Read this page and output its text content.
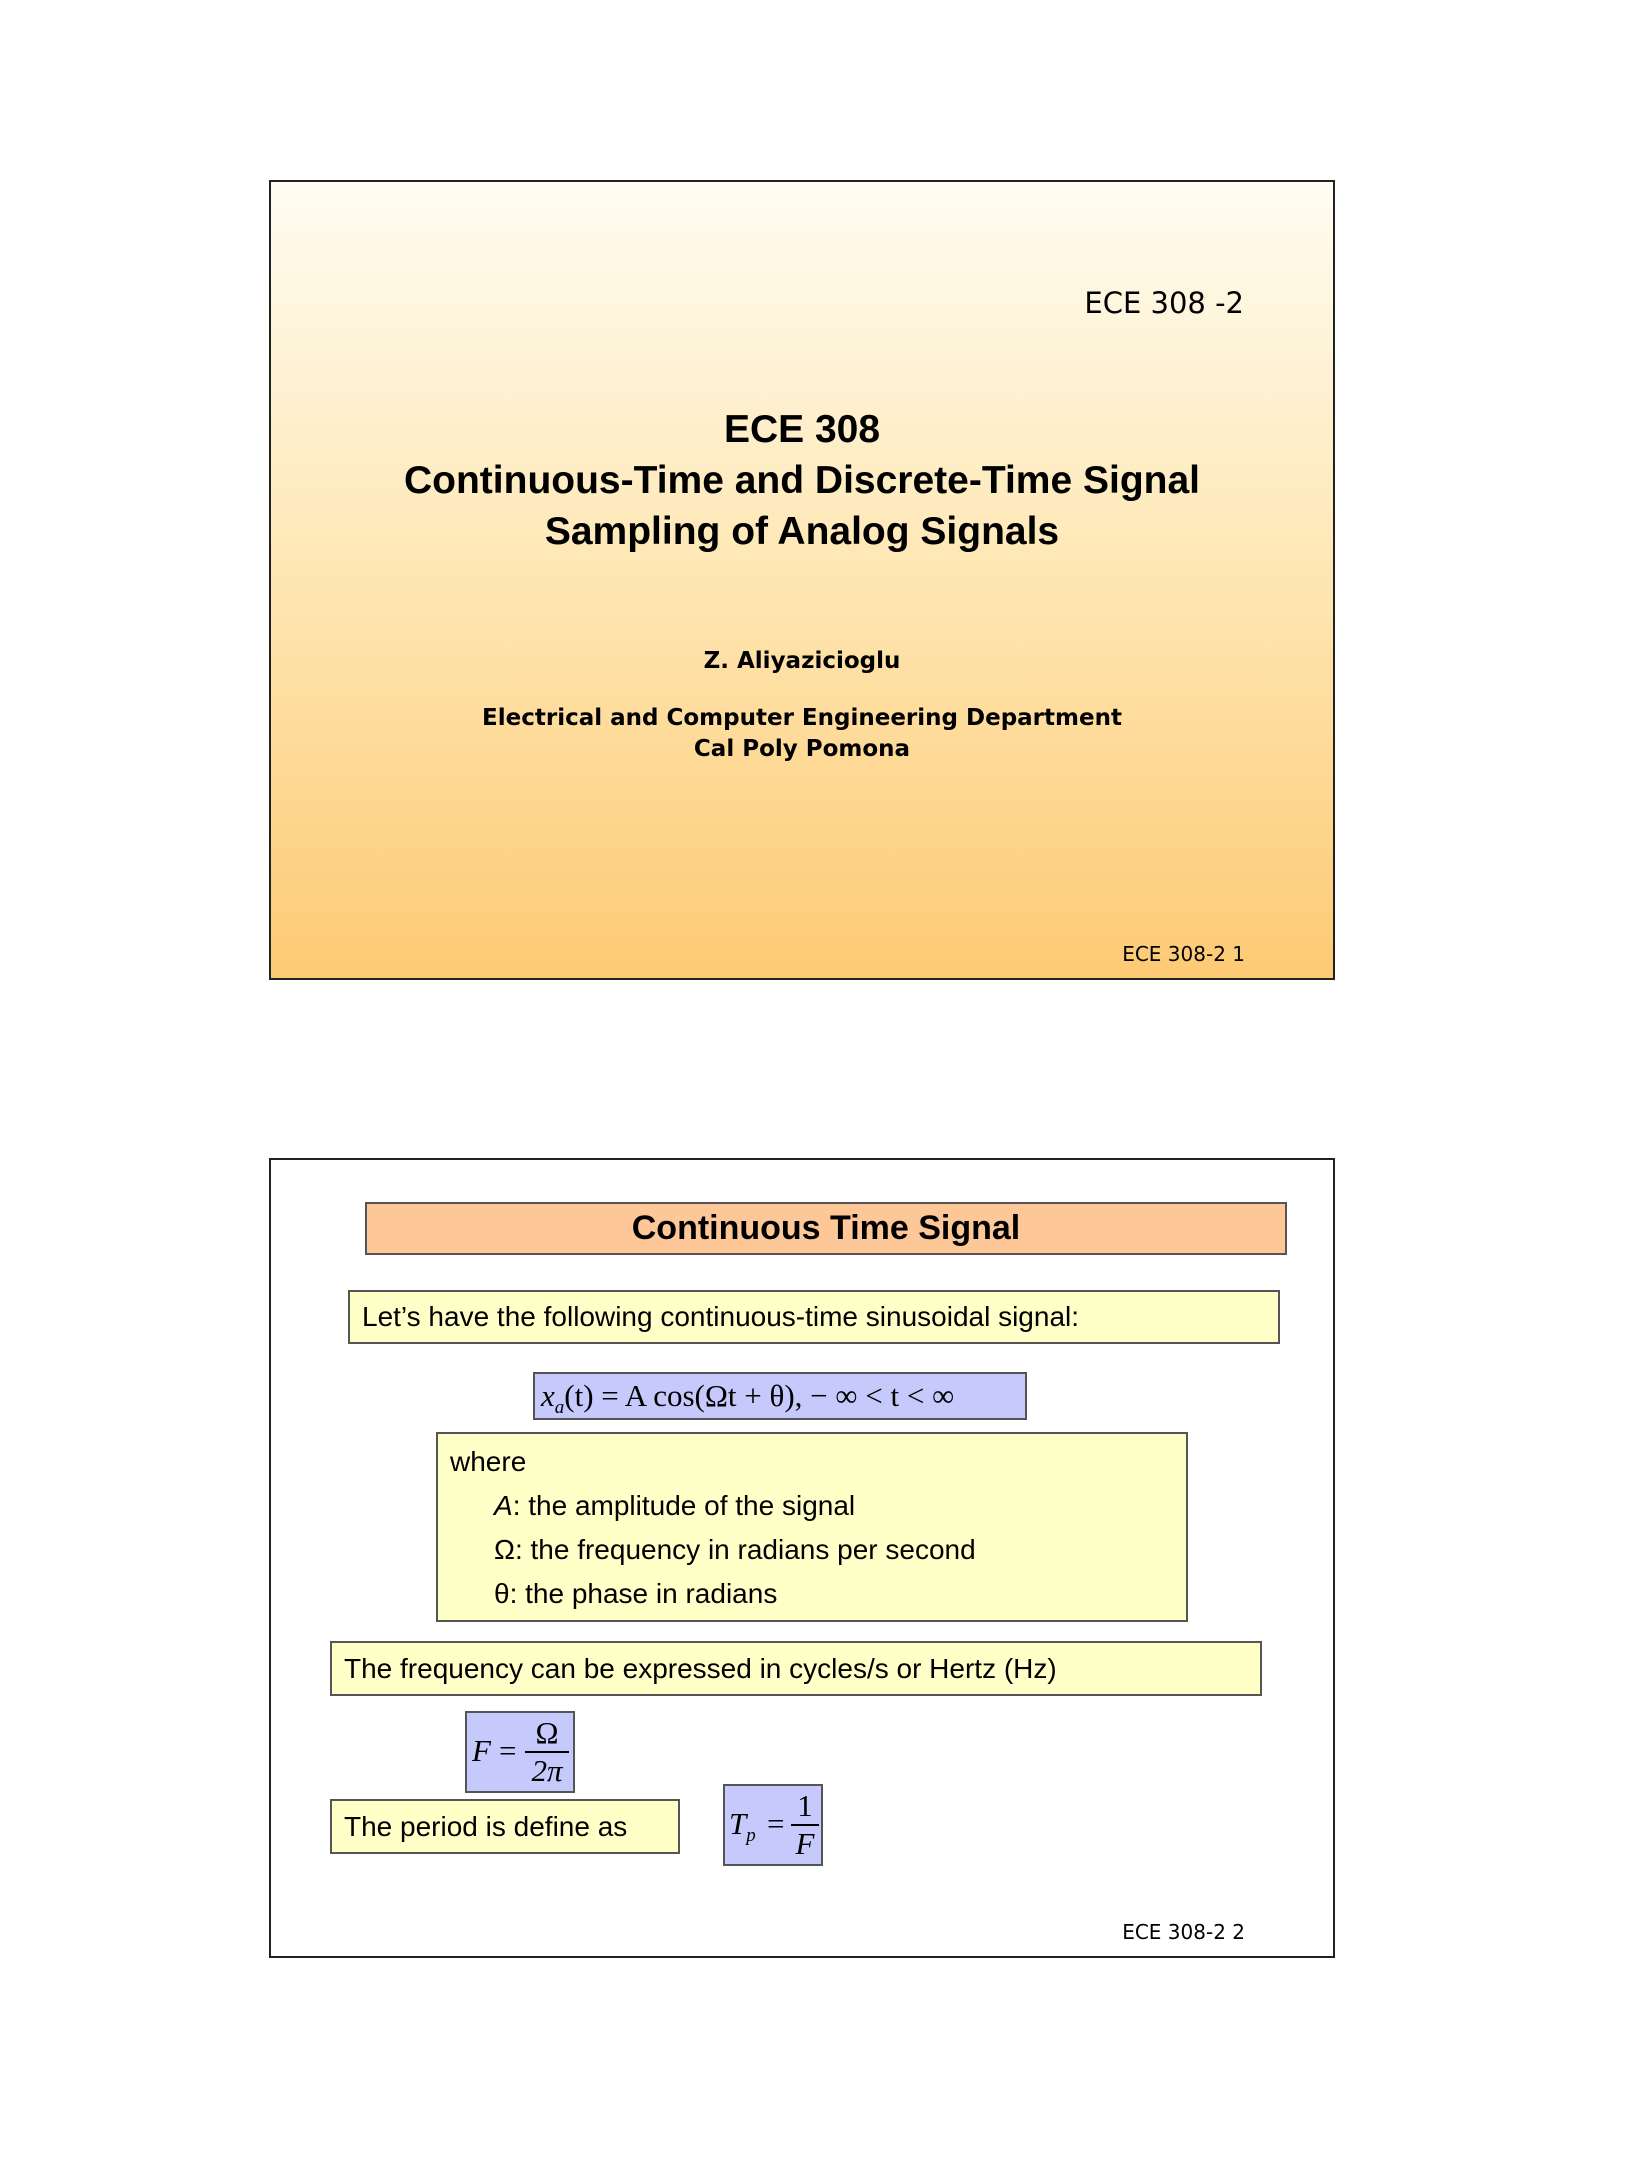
ECE 308 -2
ECE 308
Continuous-Time and Discrete-Time Signal
Sampling of Analog Signals
Z. Aliyazicioglu
Electrical and Computer Engineering Department
Cal Poly Pomona
ECE 308-2 1
Continuous Time Signal
Let’s have the following continuous-time sinusoidal signal:
$x_a(t) = A$ cos(Ωt + θ), − ∞ < t < ∞
where
A: the amplitude of the signal
Ω: the frequency in radians per second
θ: the phase in radians
The frequency can be expressed in cycles/s or Hertz (Hz)
F =
Ω
2π
The period is define as	$T_p$ =
1
F
ECE 308-2 2
